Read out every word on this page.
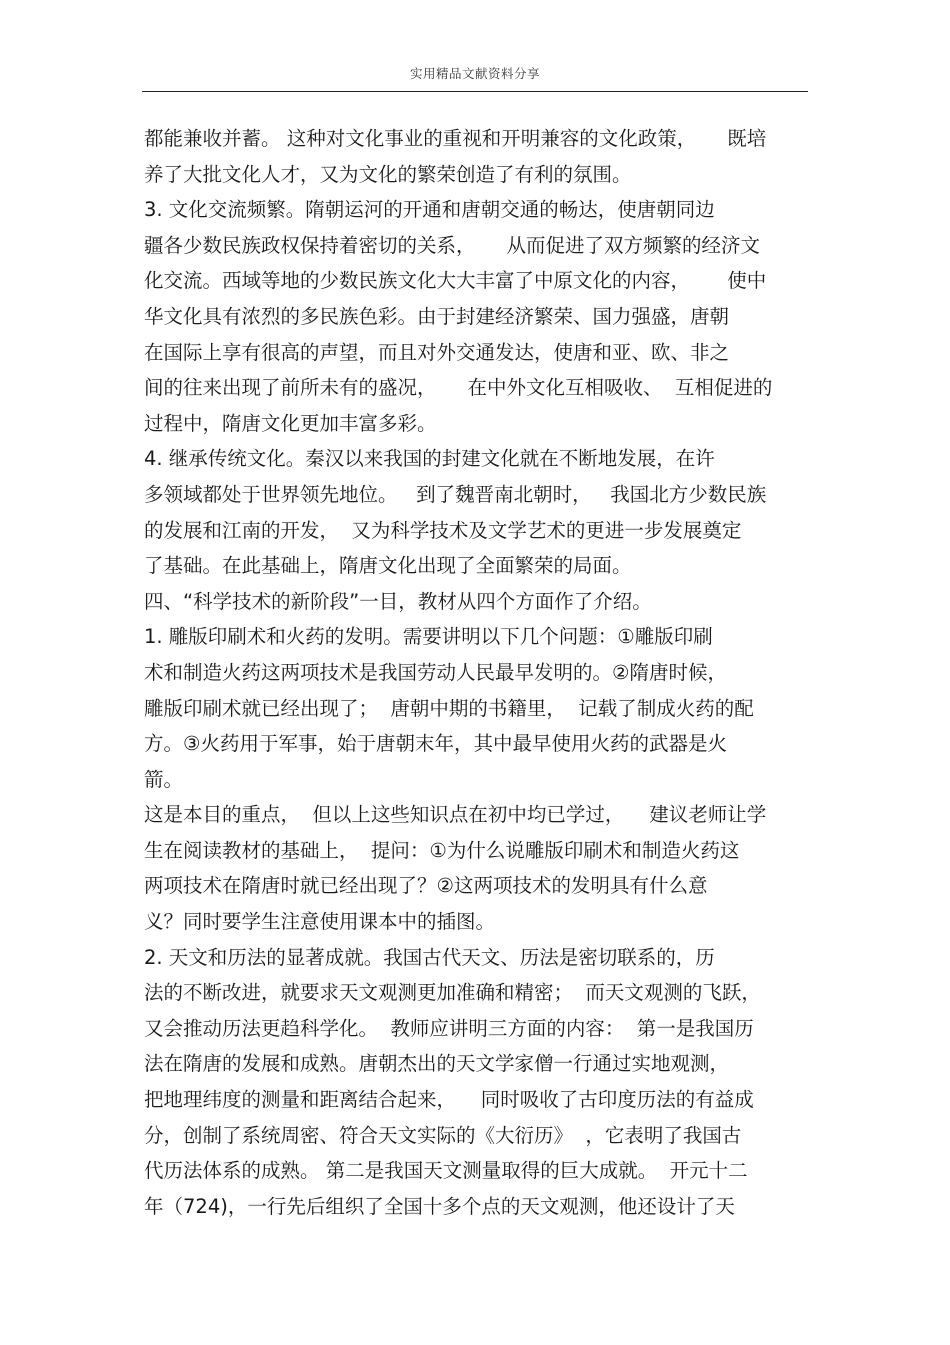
实用精品文献资料分享
都能兼收并蓄。 这种对文化事业的重视和开明兼容的文化政策，     既培
养了大批文化人才，又为文化的繁荣创造了有利的氛围。
3. 文化交流频繁。隋朝运河的开通和唐朝交通的畅达，使唐朝同边
疆各少数民族政权保持着密切的关系，     从而促进了双方频繁的经济文
化交流。西域等地的少数民族文化大大丰富了中原文化的内容，      使中
华文化具有浓烈的多民族色彩。由于封建经济繁荣、国力强盛，唐朝
在国际上享有很高的声望，而且对外交通发达，使唐和亚、欧、非之
间的往来出现了前所未有的盛况，     在中外文化互相吸收、  互相促进的
过程中，隋唐文化更加丰富多彩。
4. 继承传统文化。秦汉以来我国的封建文化就在不断地发展，在许
多领域都处于世界领先地位。   到了魏晋南北朝时，   我国北方少数民族
的发展和江南的开发，  又为科学技术及文学艺术的更进一步发展奠定
了基础。在此基础上，隋唐文化出现了全面繁荣的局面。
四、“科学技术的新阶段”一目，教材从四个方面作了介绍。
1. 雕版印刷术和火药的发明。需要讲明以下几个问题：①雕版印刷
术和制造火药这两项技术是我国劳动人民最早发明的。②隋唐时候，
雕版印刷术就已经出现了；  唐朝中期的书籍里，  记载了制成火药的配
方。③火药用于军事，始于唐朝末年，其中最早使用火药的武器是火
箭。
这是本目的重点，  但以上这些知识点在初中均已学过，    建议老师让学
生在阅读教材的基础上，  提问：①为什么说雕版印刷术和制造火药这
两项技术在隋唐时就已经出现了？②这两项技术的发明具有什么意
义？同时要学生注意使用课本中的插图。
2. 天文和历法的显著成就。我国古代天文、历法是密切联系的，历
法的不断改进，就要求天文观测更加准确和精密；  而天文观测的飞跃，
又会推动历法更趋科学化。  教师应讲明三方面的内容：  第一是我国历
法在隋唐的发展和成熟。唐朝杰出的天文学家僧一行通过实地观测，
把地理纬度的测量和距离结合起来，    同时吸收了古印度历法的有益成
分，创制了系统周密、符合天文实际的《大衍历》  ，它表明了我国古
代历法体系的成熟。 第二是我国天文测量取得的巨大成就。  开元十二
年（724)，一行先后组织了全国十多个点的天文观测，他还设计了天
